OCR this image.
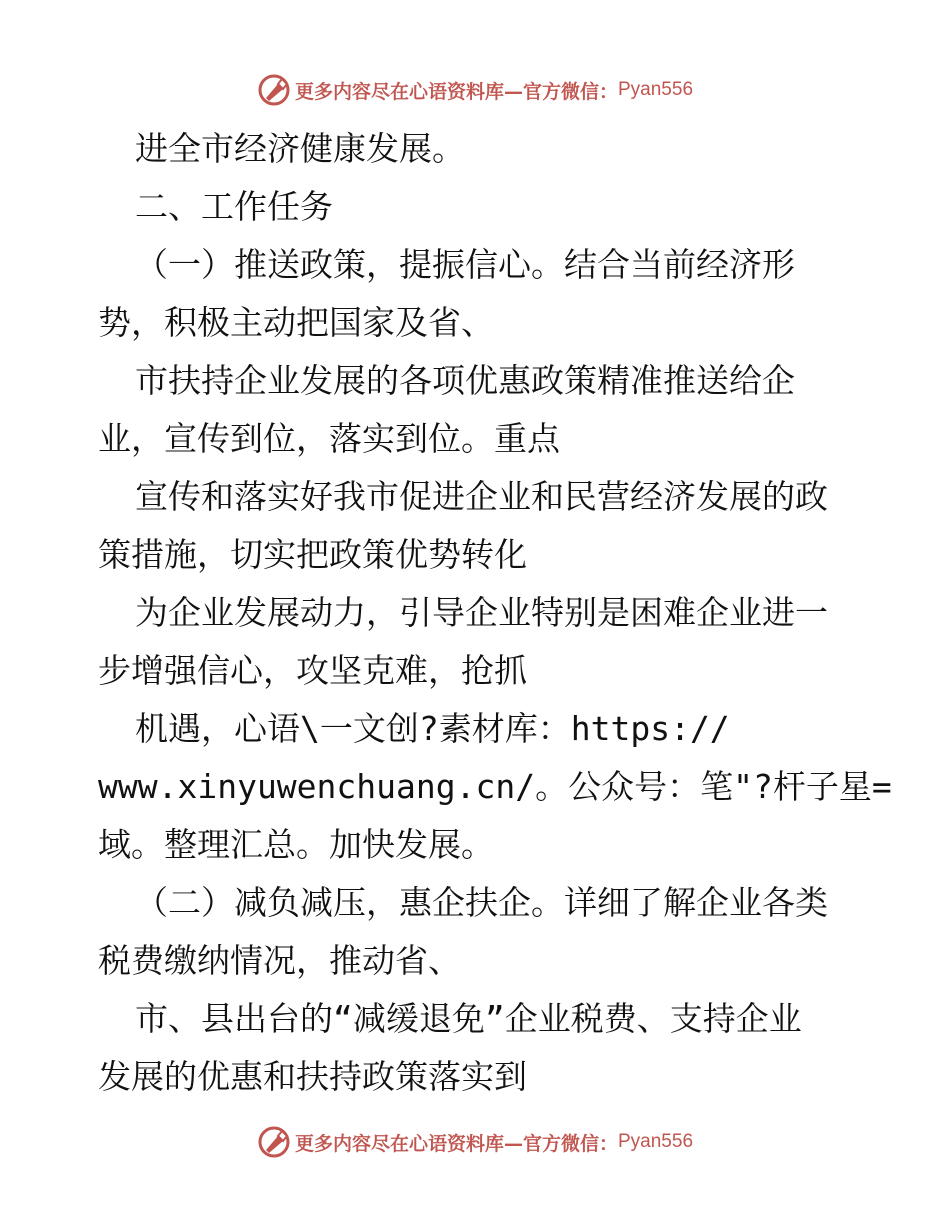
更多内容尽在心语资料库—官方微信： Pyan556
进全市经济健康发展。
二、工作任务
（一）推送政策，提振信心。结合当前经济形
势，积极主动把国家及省、
市扶持企业发展的各项优惠政策精准推送给企
业，宣传到位，落实到位。重点
宣传和落实好我市促进企业和民营经济发展的政
策措施，切实把政策优势转化
为企业发展动力，引导企业特别是困难企业进一
步增强信心，攻坚克难，抢抓
机遇，心语\一文创?素材库：https://
www.xinyuwenchuang.cn/。公众号：笔"?杆子星=
域。整理汇总。加快发展。
（二）减负减压，惠企扶企。详细了解企业各类
税费缴纳情况，推动省、
市、县出台的“减缓退免”企业税费、支持企业
发展的优惠和扶持政策落实到
更多内容尽在心语资料库—官方微信： Pyan556
